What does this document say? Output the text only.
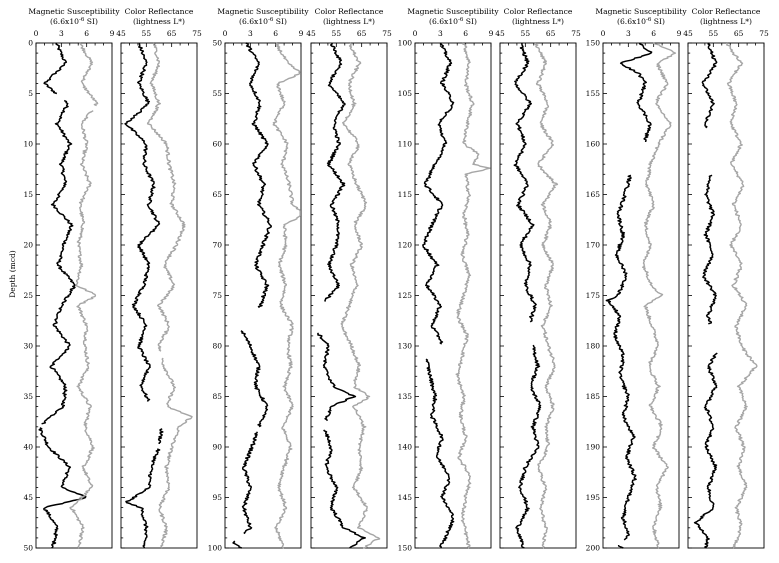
Depth (mcd)
Magnetic Susceptibility
($6.6x10^{-6}$ SI)
0	3	6	9
0
5
10
15
20
25
30
35
40
45
50
Color Reflectance
(lightness L*)
45 55 65 75
Magnetic Susceptibility
($6.6x10^{-6}$ SI)
0	3	6	9
50
55
60
65
70
75
80
85
90
95
100
Color Reflectance
(lightness L*)
45 55 65 75
Magnetic Susceptibility
($6.6x10^{-6}$ SI)
0	3	6	9
100
105
110
115
120
125
130
135
140
145
150
Color Reflectance
(lightness L*)
45 55 65 75
Magnetic Susceptibility
($6.6x10^{-6}$ SI)
0	3	6	9
150
155
160
165
170
175
180
185
190
195
200
Color Reflectance
(lightness L*)
45 55 65 75
